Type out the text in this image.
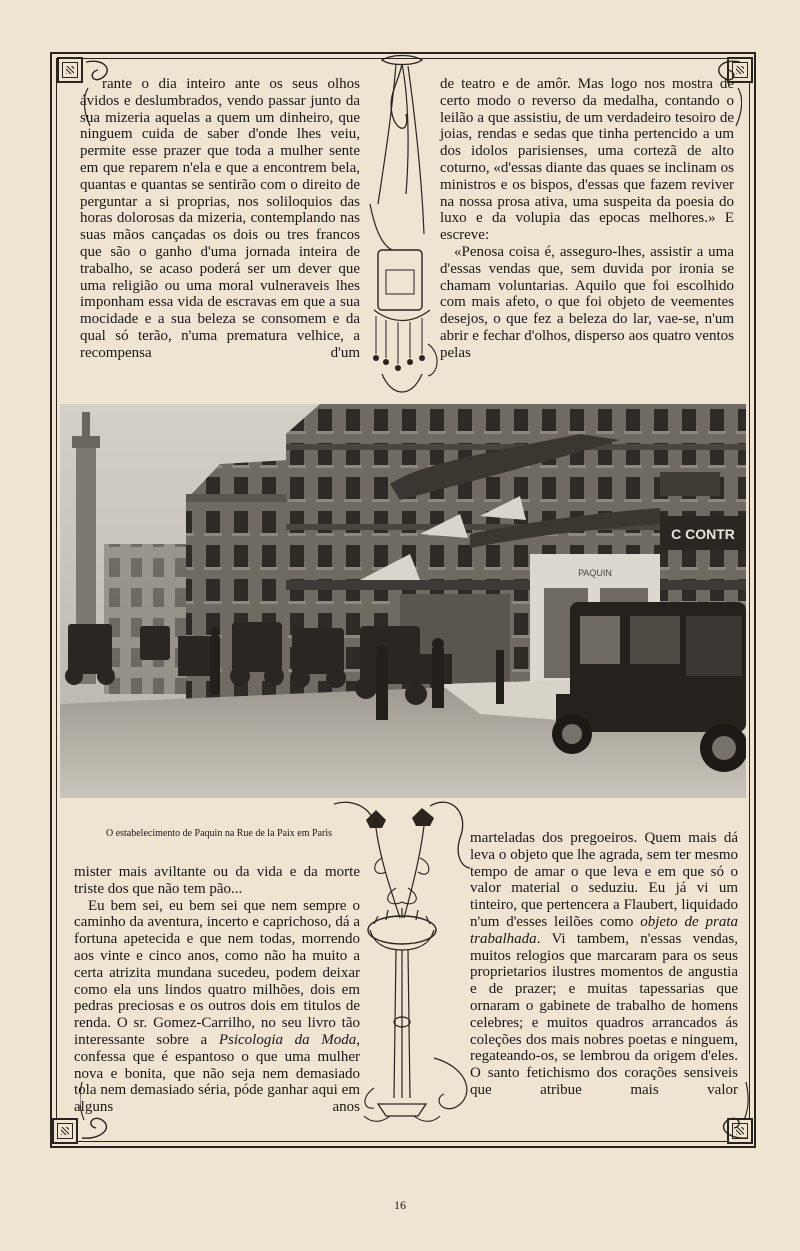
rante o dia inteiro ante os seus olhos ávidos e deslumbrados, vendo passar junto da sua mizeria aquelas a quem um dinheiro, que ninguem cuida de saber d'onde lhes veiu, permite esse prazer que toda a mulher sente em que reparem n'ela e que a encontrem bela, quantas e quantas se sentirão com o direito de perguntar a si proprias, nos soliloquios das horas dolorosas da mizeria, contemplando nas suas mãos cançadas os dois ou tres francos que são o ganho d'uma jornada inteira de trabalho, se acaso poderá ser um dever que uma religião ou uma moral vulneraveis lhes imponham essa vida de escravas em que a sua mocidade e a sua beleza se consomem e da qual só terão, n'uma prematura velhice, a recompensa d'um

de teatro e de amôr. Mas logo nos mostra de certo modo o reverso da medalha, contando o leilão a que assistiu, de um verdadeiro tesoiro de joias, rendas e sedas que tinha pertencido a um dos idolos parisienses, uma cortezã de alto coturno, «d'essas diante das quaes se inclinam os ministros e os bispos, d'essas que fazem reviver na nossa prosa ativa, uma suspeita da poesia do luxo e da volupia das epocas melhores.» E escreve:

«Penosa coisa é, asseguro-lhes, assistir a uma d'essas vendas que, sem duvida por ironia se chamam voluntarias. Aquilo que foi escolhido com mais afeto, o que foi objeto de veementes desejos, o que fez a beleza do lar, vae-se, n'um abrir e fechar d'olhos, disperso aos quatro ventos pelas

C CONTR
PAQUIN
O estabelecimento de Paquin na Rue de la Paix em Paris

mister mais aviltante ou da vida e da morte triste dos que não tem pão...

Eu bem sei, eu bem sei que nem sempre o caminho da aventura, incerto e caprichoso, dá a fortuna apetecida e que nem todas, morrendo aos vinte e cinco anos, como não ha muito a certa atrizita mundana sucedeu, podem deixar como ela uns lindos quatro milhões, dois em pedras preciosas e os outros dois em titulos de renda. O sr. Gomez-Carrilho, no seu livro tão interessante sobre a Psicologia da Moda, confessa que é espantoso o que uma mulher nova e bonita, que não seja nem demasiado tola nem demasiado séria, póde ganhar aqui em alguns anos

marteladas dos pregoeiros. Quem mais dá leva o objeto que lhe agrada, sem ter mesmo tempo de amar o que leva e em que só o valor material o seduziu. Eu já vi um tinteiro, que pertencera a Flaubert, liquidado n'um d'esses leilões como objeto de prata trabalhada. Vi tambem, n'essas vendas, muitos relogios que marcaram para os seus proprietarios ilustres momentos de angustia e de prazer; e muitas tapessarias que ornaram o gabinete de trabalho de homens celebres; e muitos quadros arrancados ás coleções dos mais nobres poetas e ninguem, regateando-os, se lembrou da origem d'eles. O santo fetichismo dos corações sensiveis que atribue mais valor

16
